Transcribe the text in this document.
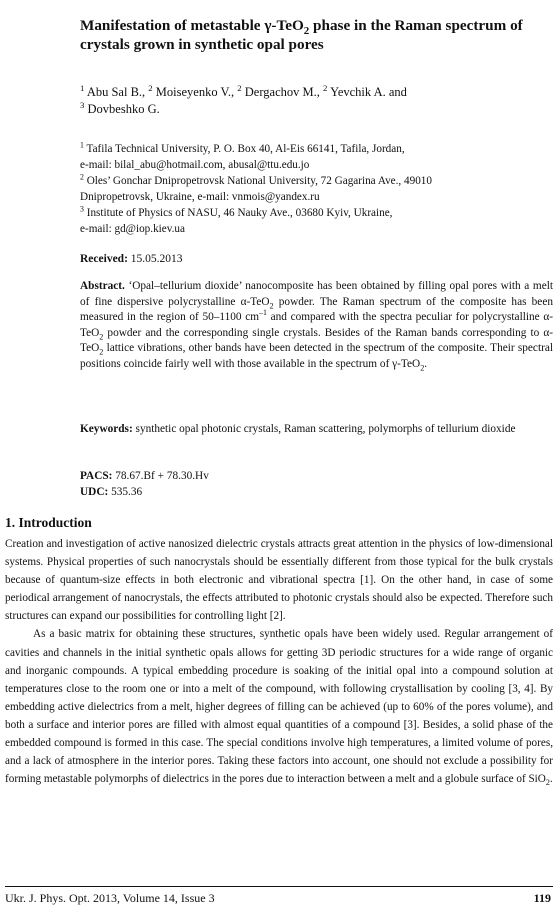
Manifestation of metastable γ-TeO$_2$ phase in the Raman spectrum of crystals grown in synthetic opal pores
$^1$ Abu Sal B., $^2$ Moiseyenko V., $^2$ Dergachov M., $^2$ Yevchik A. and
$^3$ Dovbeshko G.
$^1$ Tafila Technical University, P. O. Box 40, Al-Eis 66141, Tafila, Jordan,
e-mail: bilal_abu@hotmail.com, abusal@ttu.edu.jo
$^2$ Oles’ Gonchar Dnipropetrovsk National University, 72 Gagarina Ave., 49010
Dnipropetrovsk, Ukraine, e-mail: vnmois@yandex.ru
$^3$ Institute of Physics of NASU, 46 Nauky Ave., 03680 Kyiv, Ukraine,
e-mail: gd@iop.kiev.ua
Received: 15.05.2013

Abstract. ‘Opal–tellurium dioxide’ nanocomposite has been obtained by filling opal pores with a melt of fine dispersive polycrystalline α-TeO$_2$ powder. The Raman spectrum of the composite has been measured in the region of 50–1100 $cm^{-1}$ and compared with the spectra peculiar for polycrystalline α-TeO$_2$ powder and the corresponding single crystals. Besides of the Raman bands corresponding to α-TeO$_2$ lattice vibrations, other bands have been detected in the spectrum of the composite. Their spectral positions coincide fairly well with those available in the spectrum of γ-TeO$_2$.

Keywords: synthetic opal photonic crystals, Raman scattering, polymorphs of tellurium dioxide

PACS: 78.67.Bf + 78.30.Hv
UDC: 535.36
1. Introduction

Creation and investigation of active nanosized dielectric crystals attracts great attention in the physics of low-dimensional systems. Physical properties of such nanocrystals should be essentially different from those typical for the bulk crystals because of quantum-size effects in both electronic and vibrational spectra [1]. On the other hand, in case of some periodical arrangement of nanocrystals, the effects attributed to photonic crystals should also be expected. Therefore such structures can expand our possibilities for controlling light [2].

As a basic matrix for obtaining these structures, synthetic opals have been widely used. Regular arrangement of cavities and channels in the initial synthetic opals allows for getting 3D periodic structures for a wide range of organic and inorganic compounds. A typical embedding procedure is soaking of the initial opal into a compound solution at temperatures close to the room one or into a melt of the compound, with following crystallisation by cooling [3, 4]. By embedding active dielectrics from a melt, higher degrees of filling can be achieved (up to 60% of the pores volume), and both a surface and interior pores are filled with almost equal quantities of a compound [3]. Besides, a solid phase of the embedded compound is formed in this case. The special conditions involve high temperatures, a limited volume of pores, and a lack of atmosphere in the interior pores. Taking these factors into account, one should not exclude a possibility for forming metastable polymorphs of dielectrics in the pores due to interaction between a melt and a globule surface of SiO$_2$.

Ukr. J. Phys. Opt. 2013, Volume 14, Issue 3	119
